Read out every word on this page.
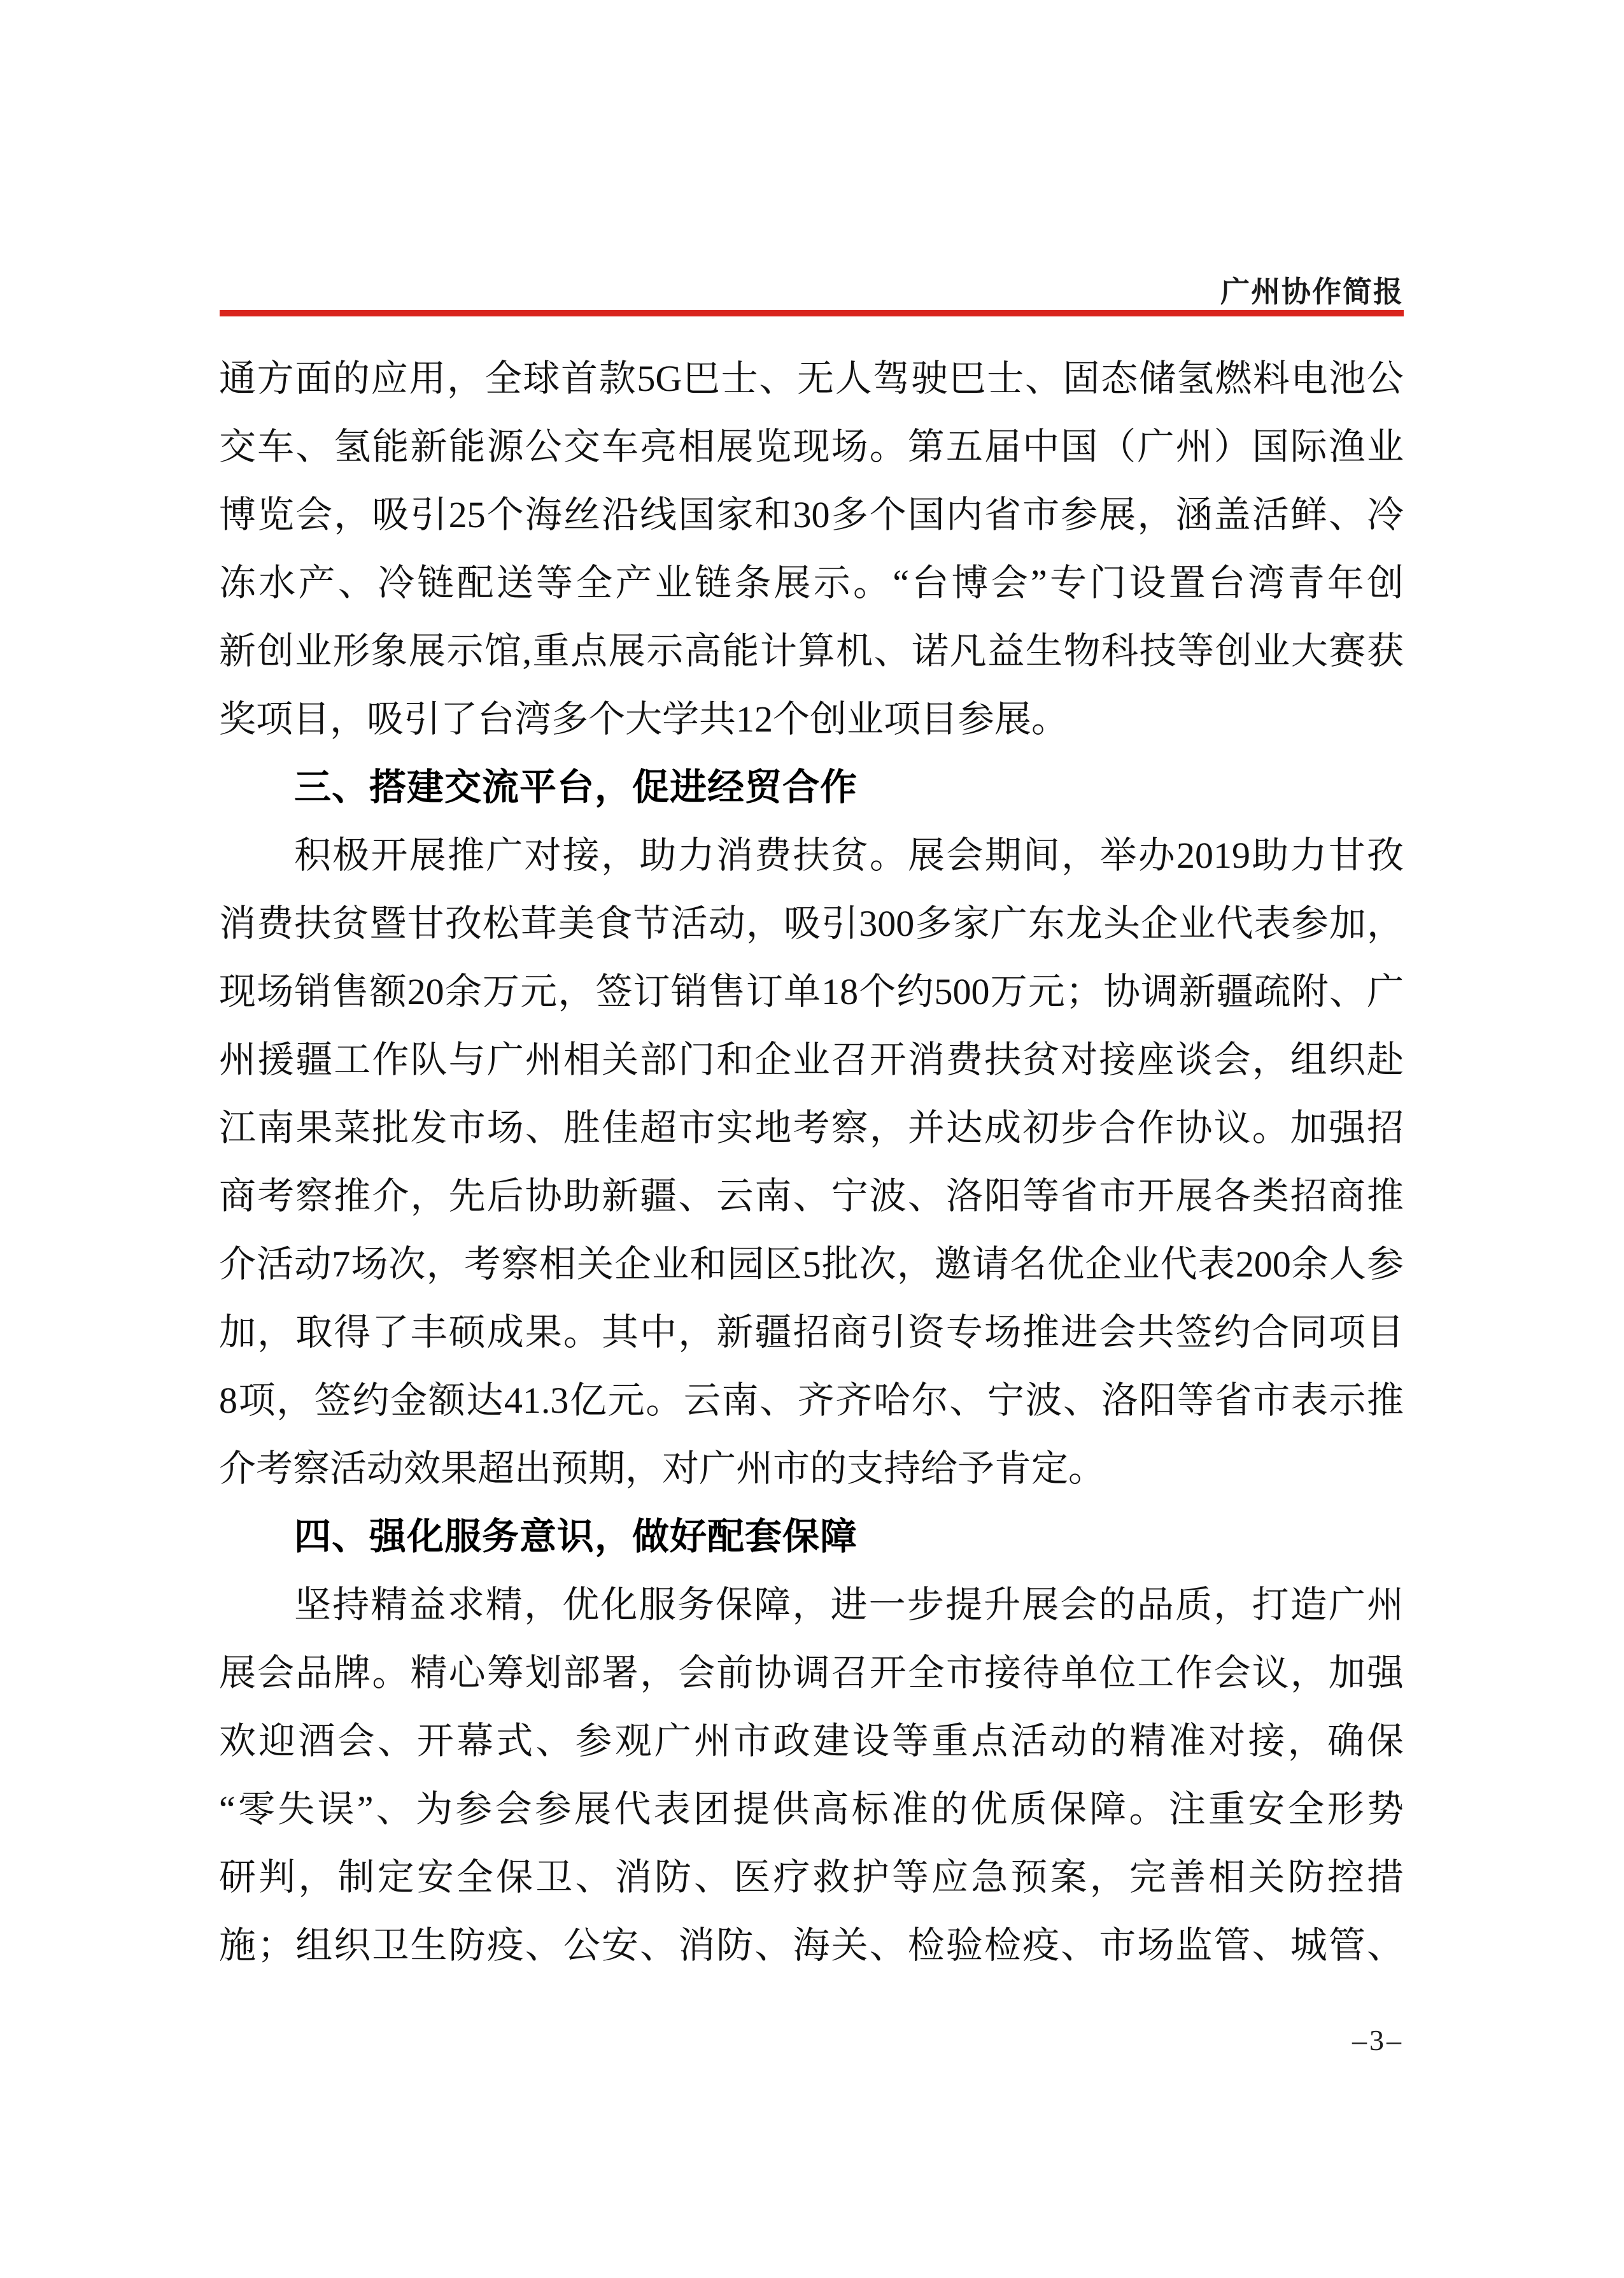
广州协作简报
通方面的应用，全球首款5G巴士、无人驾驶巴士、固态储氢燃料电池公
交车、氢能新能源公交车亮相展览现场。第五届中国（广州）国际渔业
博览会，吸引25个海丝沿线国家和30多个国内省市参展，涵盖活鲜、冷
冻水产、冷链配送等全产业链条展示。“台博会”专门设置台湾青年创
新创业形象展示馆,重点展示高能计算机、诺凡益生物科技等创业大赛获
奖项目，吸引了台湾多个大学共12个创业项目参展。
三、搭建交流平台，促进经贸合作
积极开展推广对接，助力消费扶贫。展会期间，举办2019助力甘孜
消费扶贫暨甘孜松茸美食节活动，吸引300多家广东龙头企业代表参加，
现场销售额20余万元，签订销售订单18个约500万元；协调新疆疏附、广
州援疆工作队与广州相关部门和企业召开消费扶贫对接座谈会，组织赴
江南果菜批发市场、胜佳超市实地考察，并达成初步合作协议。加强招
商考察推介，先后协助新疆、云南、宁波、洛阳等省市开展各类招商推
介活动7场次，考察相关企业和园区5批次，邀请名优企业代表200余人参
加，取得了丰硕成果。其中，新疆招商引资专场推进会共签约合同项目
8项，签约金额达41.3亿元。云南、齐齐哈尔、宁波、洛阳等省市表示推
介考察活动效果超出预期，对广州市的支持给予肯定。
四、强化服务意识，做好配套保障
坚持精益求精，优化服务保障，进一步提升展会的品质，打造广州
展会品牌。精心筹划部署，会前协调召开全市接待单位工作会议，加强
欢迎酒会、开幕式、参观广州市政建设等重点活动的精准对接，确保
“零失误”、为参会参展代表团提供高标准的优质保障。注重安全形势
研判，制定安全保卫、消防、医疗救护等应急预案，完善相关防控措
施；组织卫生防疫、公安、消防、海关、检验检疫、市场监管、城管、
–3–
